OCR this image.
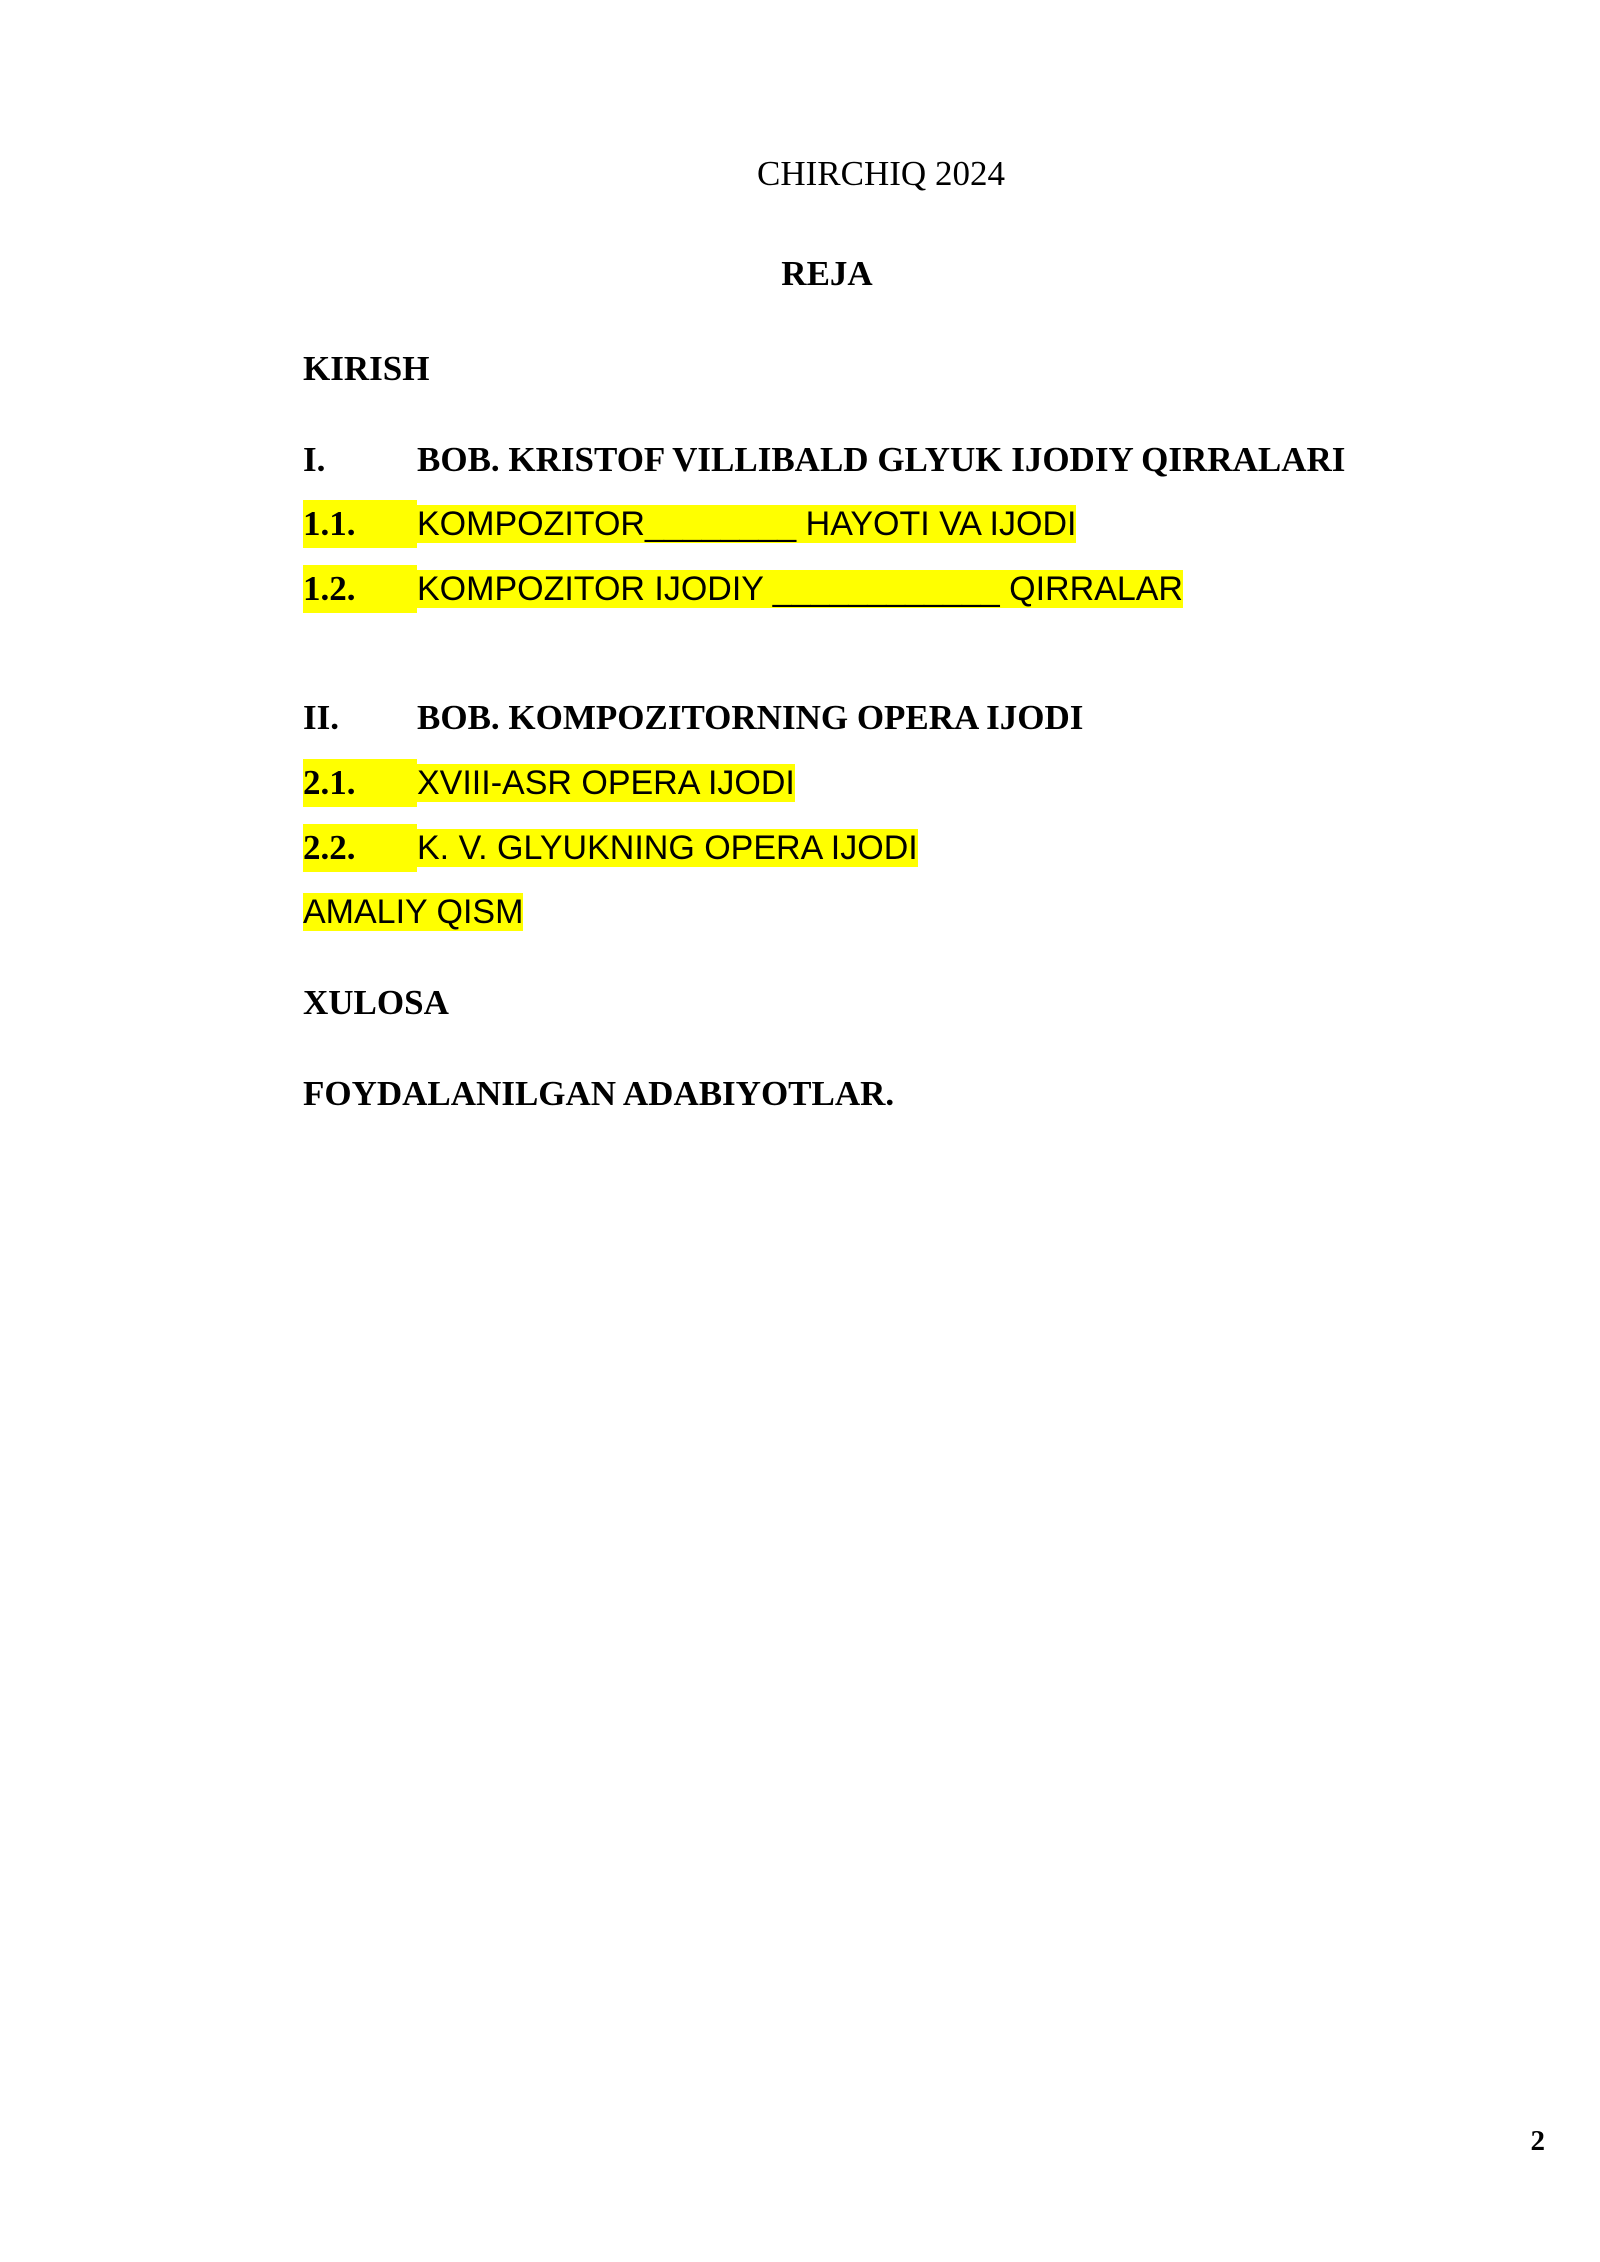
CHIRCHIQ 2024
REJA
KIRISH
I.	BOB. KRISTOF VILLIBALD GLYUK IJODIY QIRRALARI
1.1. KOMPOZITOR________ HAYOTI VA IJODI
1.2. KOMPOZITOR IJODIY ____________ QIRRALAR
II. BOB. KOMPOZITORNING OPERA IJODI
2.1. XVIII-ASR OPERA IJODI
2.2. K. V. GLYUKNING OPERA IJODI
AMALIY QISM
XULOSA
FOYDALANILGAN ADABIYOTLAR.
2
